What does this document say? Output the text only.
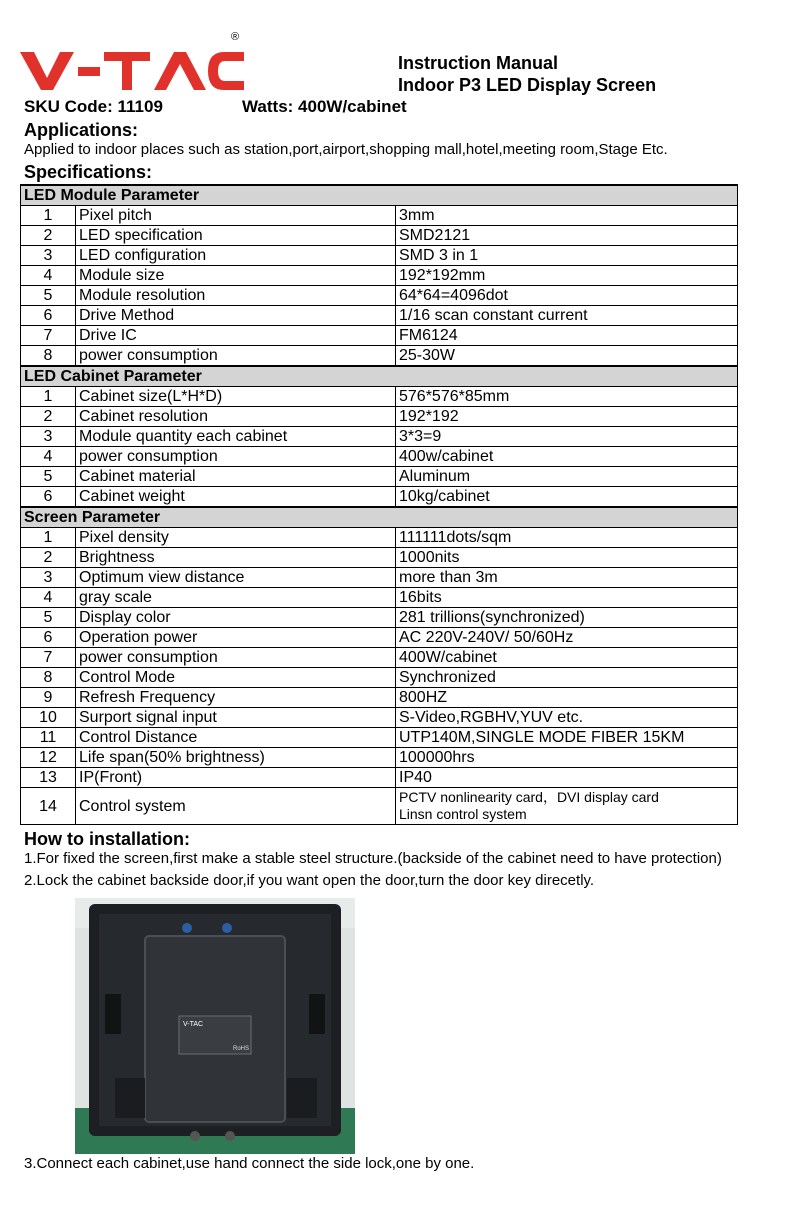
®
Instruction Manual
Indoor P3 LED Display Screen
SKU Code: 11109	Watts: 400W/cabinet
Applications:
Applied to indoor places such as station,port,airport,shopping mall,hotel,meeting room,Stage Etc.
Specifications:
LED Module Parameter		
1	Pixel pitch	3mm
2	LED specification	SMD2121
3	LED configuration	SMD 3 in 1
4	Module size	192*192mm
5	Module resolution	64*64=4096dot
6	Drive Method	1/16 scan constant current
7	Drive IC	FM6124
8	power consumption	25-30W
LED Cabinet Parameter		
1	Cabinet size(L*H*D)	576*576*85mm
2	Cabinet resolution	192*192
3	Module quantity each cabinet	3*3=9
4	power consumption	400w/cabinet
5	Cabinet material	Aluminum
6	Cabinet weight	10kg/cabinet
Screen Parameter		
1	Pixel density	111111dots/sqm
2	Brightness	1000nits
3	Optimum view distance	more than 3m
4	gray scale	16bits
5	Display color	281 trillions(synchronized)
6	Operation power	AC 220V-240V/ 50/60Hz
7	power consumption	400W/cabinet
8	Control Mode	Synchronized
9	Refresh Frequency	800HZ
10	Surport signal input	S-Video,RGBHV,YUV etc.
11	Control Distance	UTP140M,SINGLE MODE FIBER 15KM
12	Life span(50% brightness)	100000hrs
13	IP(Front)	IP40
14	Control system	PCTV nonlinearity card，DVI display card
Linsn control system
How to installation:
1.For fixed the screen,first make a stable steel structure.(backside of the cabinet need to have protection)
2.Lock the cabinet backside door,if you want open the door,turn the door key direcetly.
V-TAC
RoHS
3.Connect each cabinet,use hand connect the side lock,one by one.
